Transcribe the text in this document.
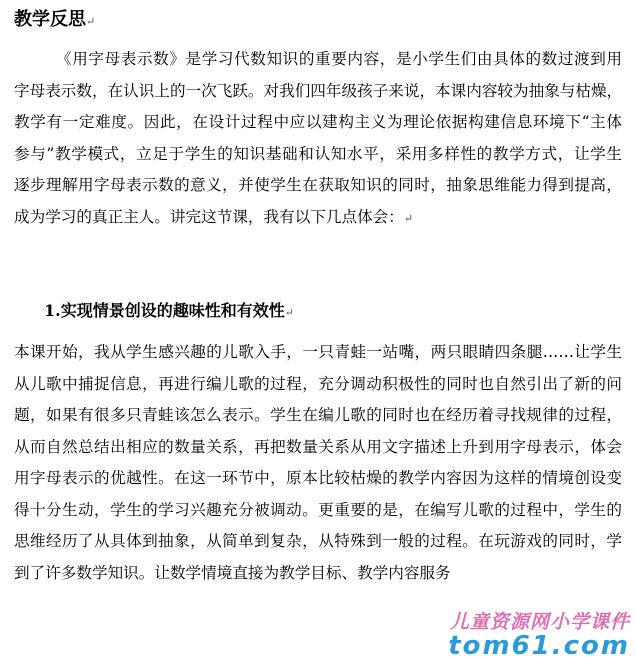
教学反思↵
《用字母表示数》是学习代数知识的重要内容，是小学生们由具体的数过渡到用
字母表示数，在认识上的一次飞跃。对我们四年级孩子来说，本课内容较为抽象与枯燥，
教学有一定难度。因此，在设计过程中应以建构主义为理论依据构建信息环境下“主体
参与”教学模式，立足于学生的知识基础和认知水平，采用多样性的教学方式，让学生
逐步理解用字母表示数的意义，并使学生在获取知识的同时，抽象思维能力得到提高，
成为学习的真正主人。讲完这节课，我有以下几点体会：↵
1.实现情景创设的趣味性和有效性↵
本课开始，我从学生感兴趣的儿歌入手，一只青蛙一站嘴，两只眼睛四条腿……让学生
从儿歌中捕捉信息，再进行编儿歌的过程，充分调动积极性的同时也自然引出了新的问
题，如果有很多只青蛙该怎么表示。学生在编儿歌的同时也在经历着寻找规律的过程，
从而自然总结出相应的数量关系，再把数量关系从用文字描述上升到用字母表示，体会
用字母表示的优越性。在这一环节中，原本比较枯燥的教学内容因为这样的情境创设变
得十分生动，学生的学习兴趣充分被调动。更重要的是，在编写儿歌的过程中，学生的
思维经历了从具体到抽象，从简单到复杂，从特殊到一般的过程。在玩游戏的同时，学
到了许多数学知识。让数学情境直接为教学目标、教学内容服务
儿童资源网小学课件
tom61.com
